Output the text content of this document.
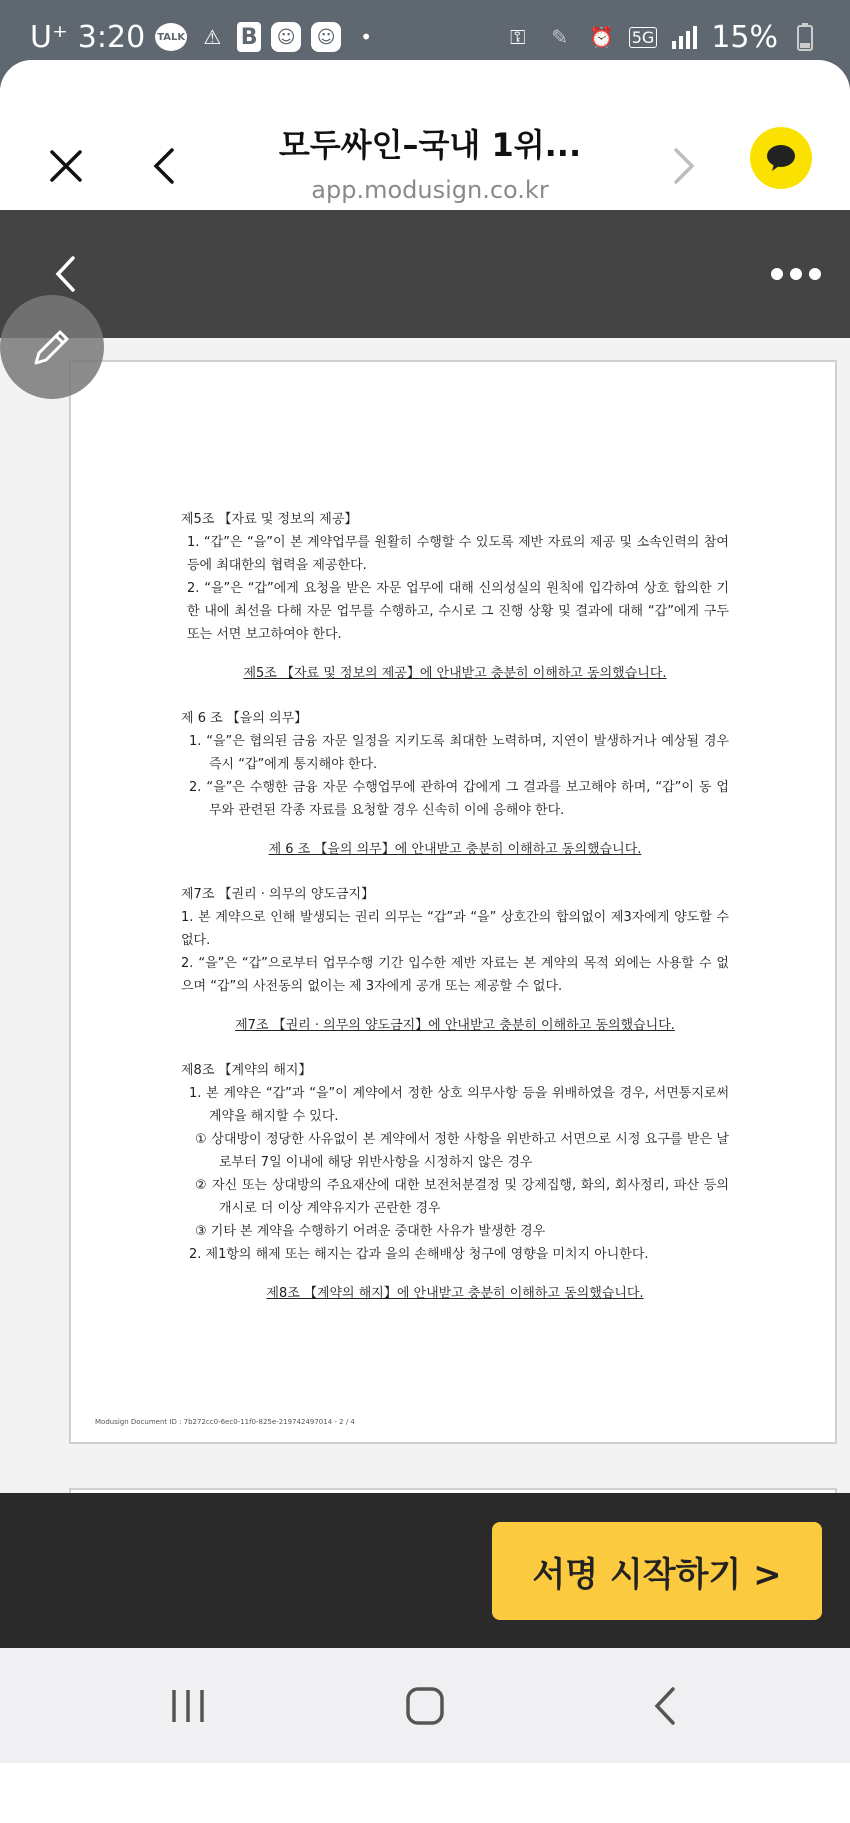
U⁺ 3:20 TALK ⚠ B	☺	☺	•	⚿	✎	⏰ 5G 15%
모두싸인–국내 1위...
app.modusign.co.kr
제5조 【자료 및 정보의 제공】
1. “갑”은 “을”이 본 계약업무를 원활히 수행할 수 있도록 제반 자료의 제공 및 소속인력의 참여 등에 최대한의 협력을 제공한다.
2. “을”은 “갑”에게 요청을 받은 자문 업무에 대해 신의성실의 원칙에 입각하여 상호 합의한 기한 내에 최선을 다해 자문 업무를 수행하고, 수시로 그 진행 상황 및 결과에 대해 “갑”에게 구두 또는 서면 보고하여야 한다.
제5조 【자료 및 정보의 제공】에 안내받고 충분히 이해하고 동의했습니다.
제 6 조 【을의 의무】
1. “을”은 협의된 금융 자문 일정을 지키도록 최대한 노력하며, 지연이 발생하거나 예상될 경우 즉시 “갑”에게 통지해야 한다.
2. “을”은 수행한 금융 자문 수행업무에 관하여 갑에게 그 결과를 보고해야 하며, “갑”이 동 업무와 관련된 각종 자료를 요청할 경우 신속히 이에 응해야 한다.
제 6 조 【을의 의무】에 안내받고 충분히 이해하고 동의했습니다.
제7조 【권리 · 의무의 양도금지】
1. 본 계약으로 인해 발생되는 권리 의무는 “갑”과 “을” 상호간의 합의없이 제3자에게 양도할 수 없다.
2. “을”은 “갑”으로부터 업무수행 기간 입수한 제반 자료는 본 계약의 목적 외에는 사용할 수 없으며 “갑”의 사전동의 없이는 제 3자에게 공개 또는 제공할 수 없다.
제7조 【권리 · 의무의 양도금지】에 안내받고 충분히 이해하고 동의했습니다.
제8조 【계약의 해지】
1. 본 계약은 “갑”과 “을”이 계약에서 정한 상호 의무사항 등을 위배하였을 경우, 서면통지로써 계약을 해지할 수 있다.
① 상대방이 정당한 사유없이 본 계약에서 정한 사항을 위반하고 서면으로 시정 요구를 받은 날로부터 7일 이내에 해당 위반사항을 시정하지 않은 경우
② 자신 또는 상대방의 주요재산에 대한 보전처분결정 및 강제집행, 화의, 회사정리, 파산 등의 개시로 더 이상 계약유지가 곤란한 경우
③ 기타 본 계약을 수행하기 어려운 중대한 사유가 발생한 경우
2. 제1항의 해제 또는 해지는 갑과 을의 손해배상 청구에 영향을 미치지 아니한다.
제8조 【계약의 해지】에 안내받고 충분히 이해하고 동의했습니다.
Modusign Document ID : 7b272cc0-6ec0-11f0-825e-219742497014 - 2 / 4
서명 시작하기 >
